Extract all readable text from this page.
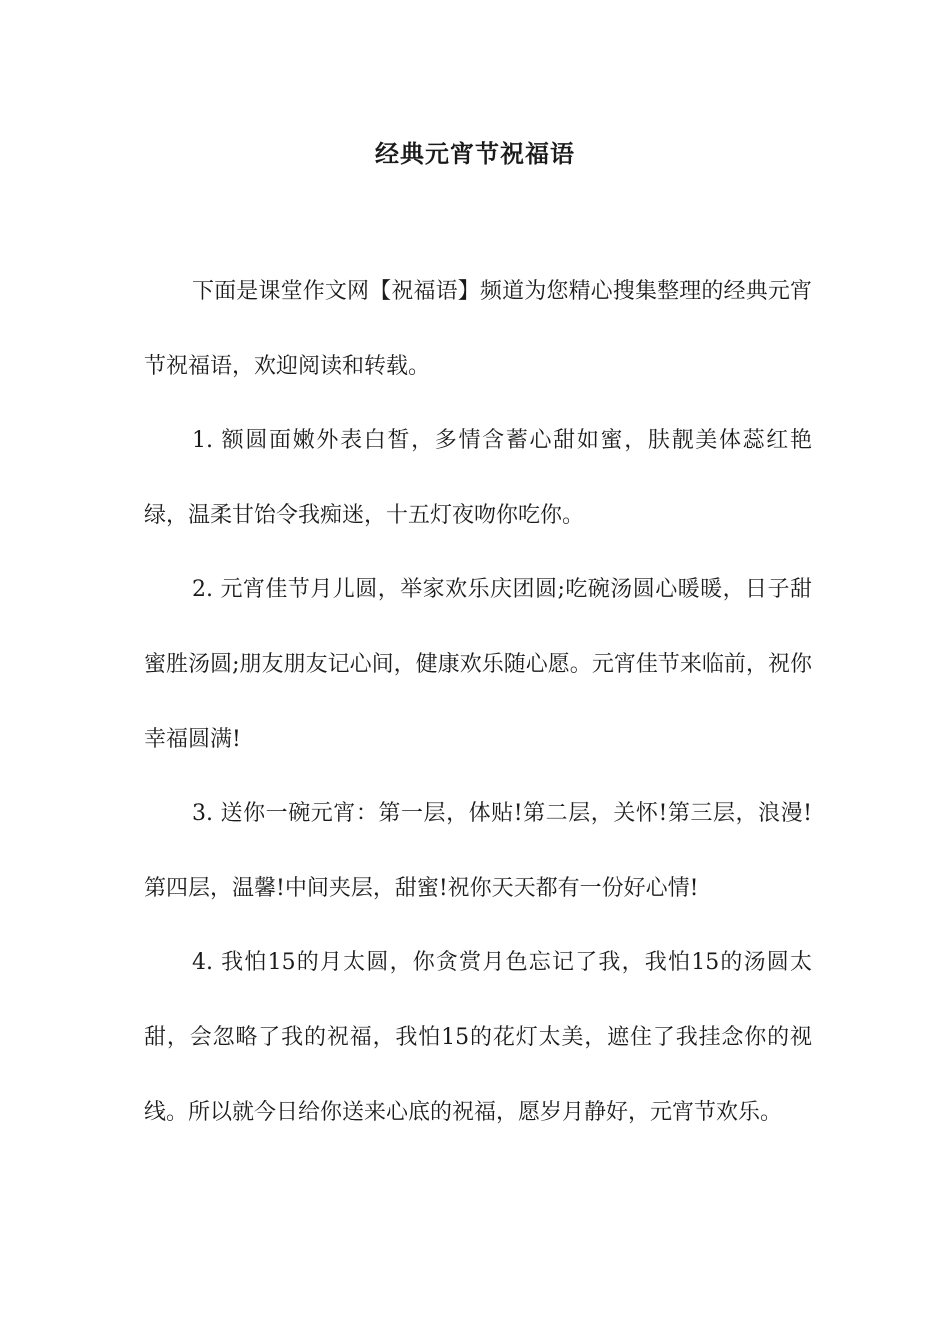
经典元宵节祝福语

下面是课堂作文网【祝福语】频道为您精心搜集整理的经典元宵节祝福语，欢迎阅读和转载。

1. 额圆面嫩外表白皙，多情含蓄心甜如蜜，肤靓美体蕊红艳绿，温柔甘饴令我痴迷，十五灯夜吻你吃你。

2. 元宵佳节月儿圆，举家欢乐庆团圆;吃碗汤圆心暖暖，日子甜蜜胜汤圆;朋友朋友记心间，健康欢乐随心愿。元宵佳节来临前，祝你幸福圆满!

3. 送你一碗元宵：第一层，体贴!第二层，关怀!第三层，浪漫!第四层，温馨!中间夹层，甜蜜!祝你天天都有一份好心情!

4. 我怕15的月太圆，你贪赏月色忘记了我，我怕15的汤圆太甜，会忽略了我的祝福，我怕15的花灯太美，遮住了我挂念你的视线。所以就今日给你送来心底的祝福，愿岁月静好，元宵节欢乐。
